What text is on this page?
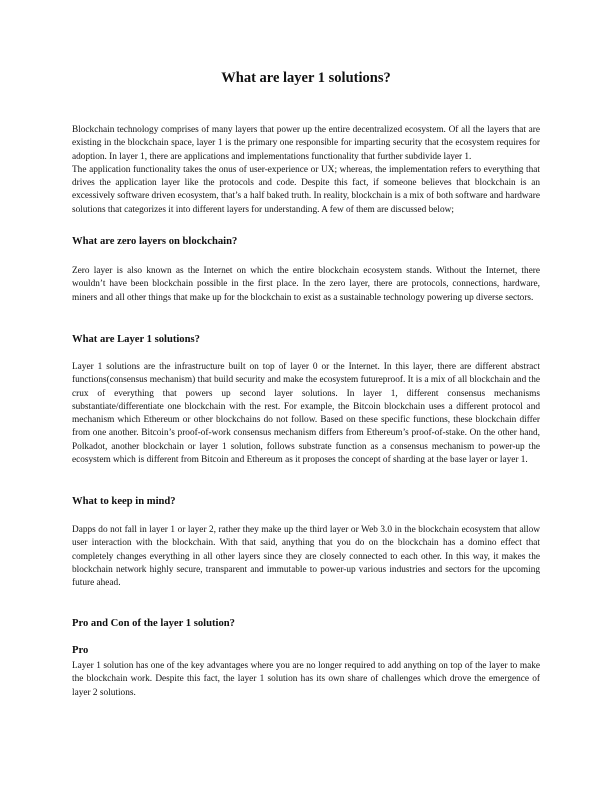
What are layer 1 solutions?

Blockchain technology comprises of many layers that power up the entire decentralized ecosystem. Of all the layers that are existing in the blockchain space, layer 1 is the primary one responsible for imparting security that the ecosystem requires for adoption. In layer 1, there are applications and implementations functionality that further subdivide layer 1.

The application functionality takes the onus of user-experience or UX; whereas, the implementation refers to everything that drives the application layer like the protocols and code. Despite this fact, if someone believes that blockchain is an excessively software driven ecosystem, that’s a half baked truth. In reality, blockchain is a mix of both software and hardware solutions that categorizes it into different layers for understanding. A few of them are discussed below;

What are zero layers on blockchain?
Zero layer is also known as the Internet on which the entire blockchain ecosystem stands. Without the Internet, there wouldn’t have been blockchain possible in the first place. In the zero layer, there are protocols, connections, hardware, miners and all other things that make up for the blockchain to exist as a sustainable technology powering up diverse sectors.
What are Layer 1 solutions?
Layer 1 solutions are the infrastructure built on top of layer 0 or the Internet. In this layer, there are different abstract functions(consensus mechanism) that build security and make the ecosystem futureproof. It is a mix of all blockchain and the crux of everything that powers up second layer solutions. In layer 1, different consensus mechanisms substantiate/differentiate one blockchain with the rest. For example, the Bitcoin blockchain uses a different protocol and mechanism which Ethereum or other blockchains do not follow. Based on these specific functions, these blockchain differ from one another. Bitcoin’s proof-of-work consensus mechanism differs from Ethereum’s proof-of-stake. On the other hand, Polkadot, another blockchain or layer 1 solution, follows substrate function as a consensus mechanism to power-up the ecosystem which is different from Bitcoin and Ethereum as it proposes the concept of sharding at the base layer or layer 1.
What to keep in mind?
Dapps do not fall in layer 1 or layer 2, rather they make up the third layer or Web 3.0 in the blockchain ecosystem that allow user interaction with the blockchain. With that said, anything that you do on the blockchain has a domino effect that completely changes everything in all other layers since they are closely connected to each other. In this way, it makes the blockchain network highly secure, transparent and immutable to power-up various industries and sectors for the upcoming future ahead.
Pro and Con of the layer 1 solution?
Pro
Layer 1 solution has one of the key advantages where you are no longer required to add anything on top of the layer to make the blockchain work. Despite this fact, the layer 1 solution has its own share of challenges which drove the emergence of layer 2 solutions.
